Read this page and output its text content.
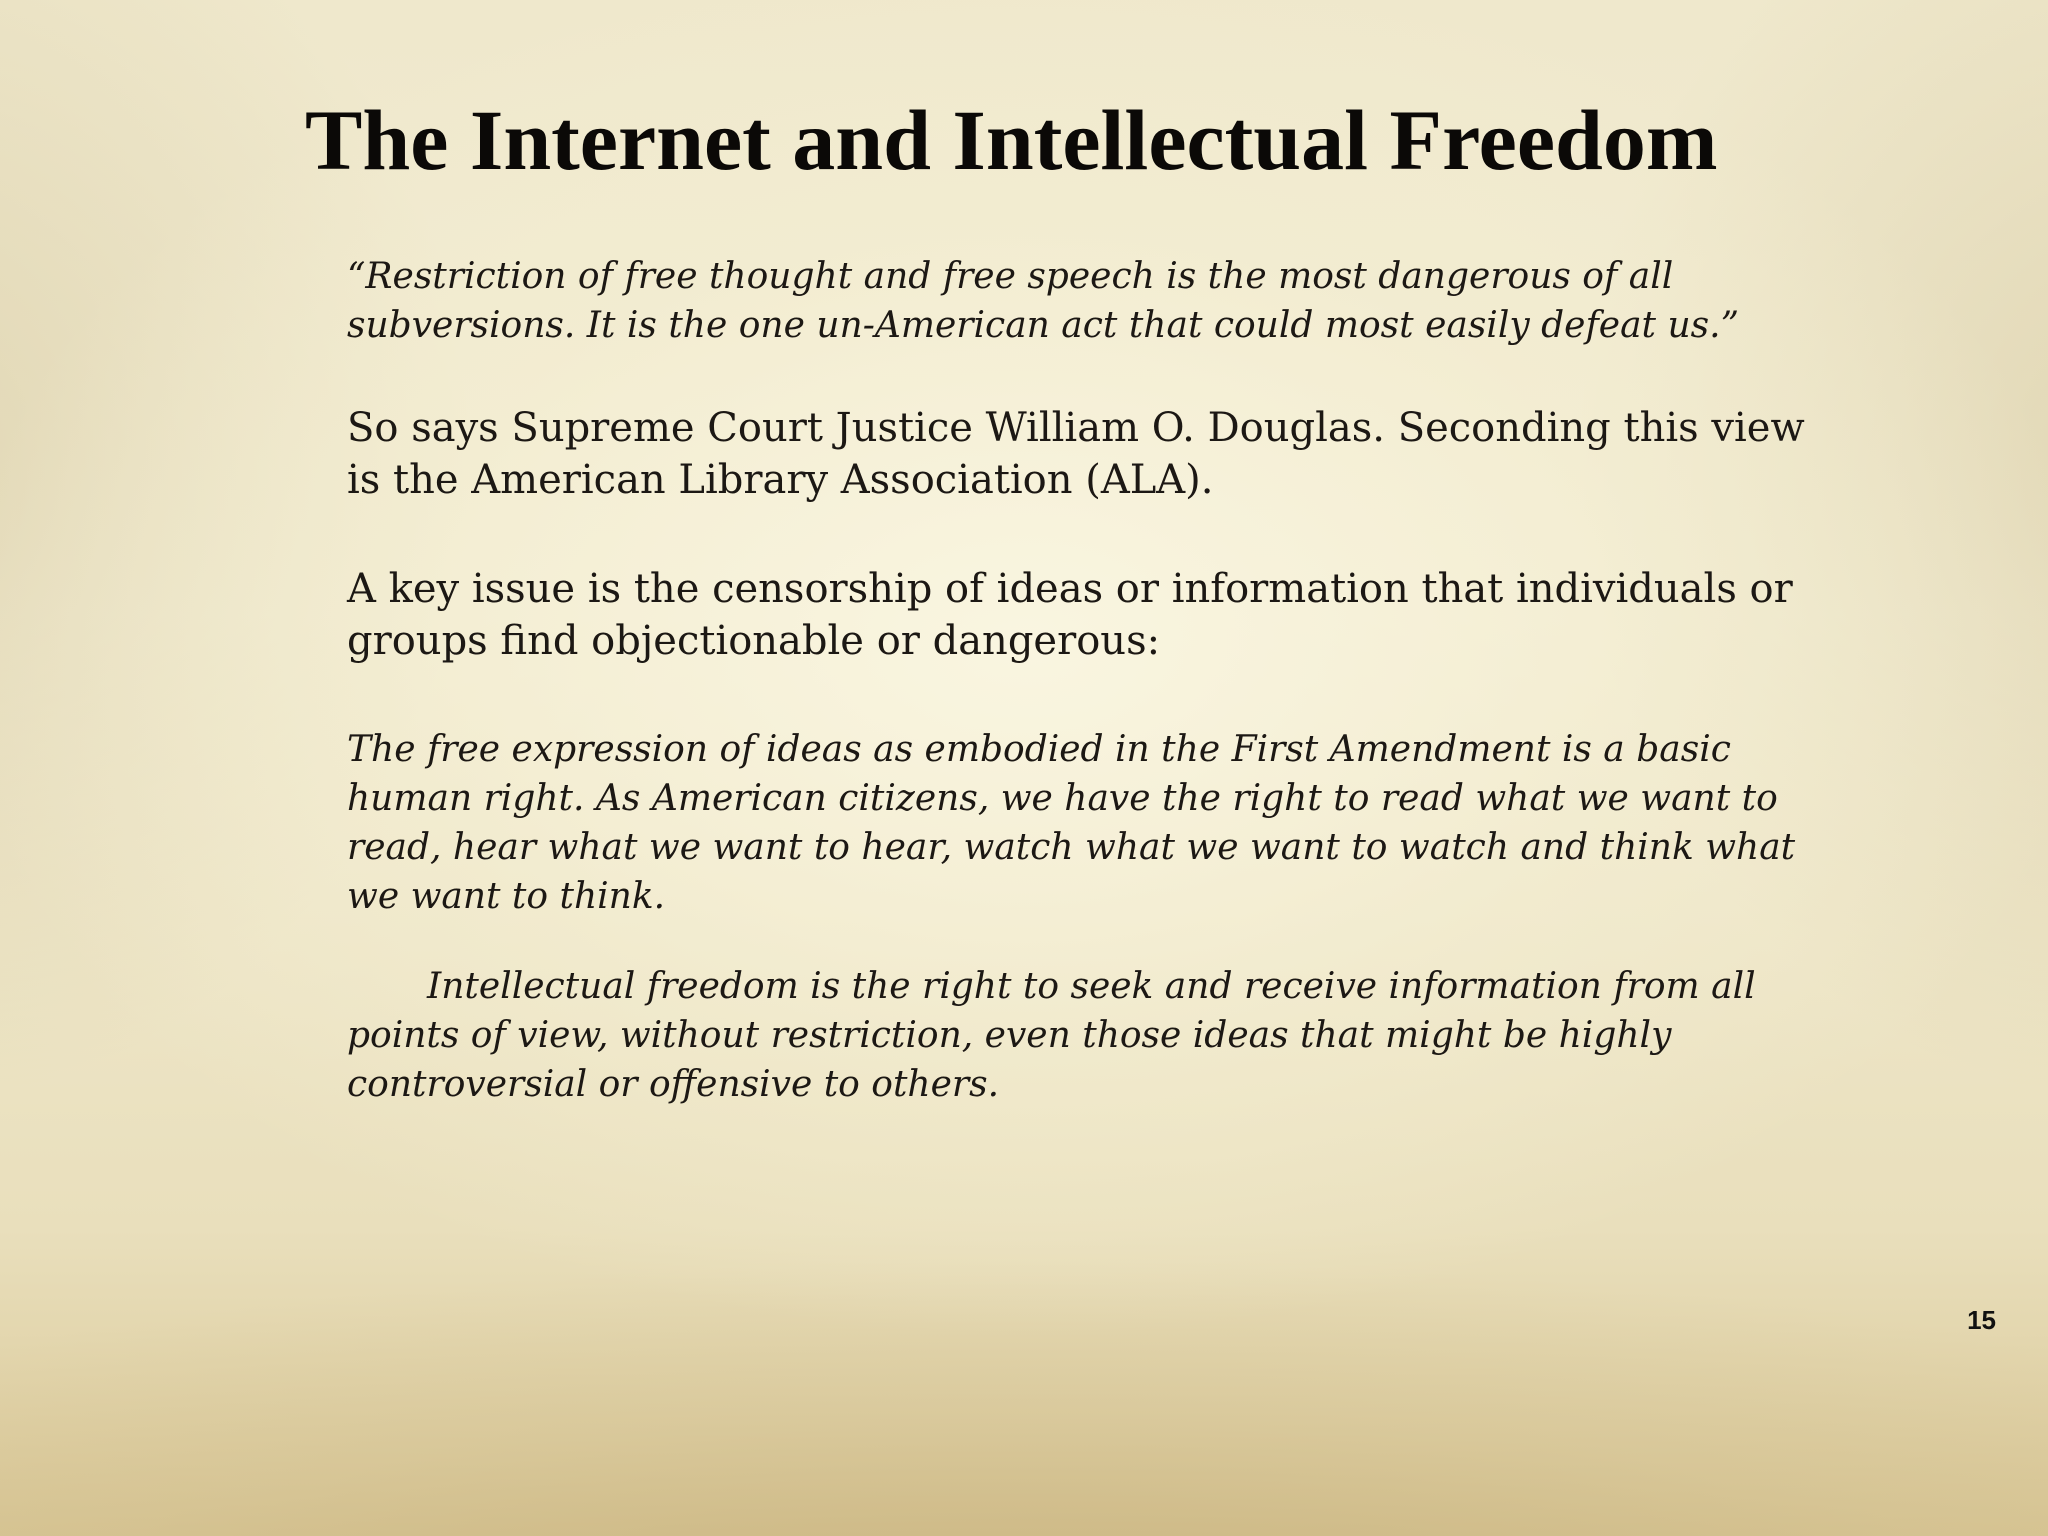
The Internet and Intellectual Freedom

“Restriction of free thought and free speech is the most dangerous of all subversions. It is the one un-American act that could most easily defeat us.”

So says Supreme Court Justice William O. Douglas. Seconding this view is the American Library Association (ALA).

A key issue is the censorship of ideas or information that individuals or groups find objectionable or dangerous:

The free expression of ideas as embodied in the First Amendment is a basic human right. As American citizens, we have the right to read what we want to read, hear what we want to hear, watch what we want to watch and think what we want to think.

Intellectual freedom is the right to seek and receive information from all points of view, without restriction, even those ideas that might be highly controversial or offensive to others.

15
